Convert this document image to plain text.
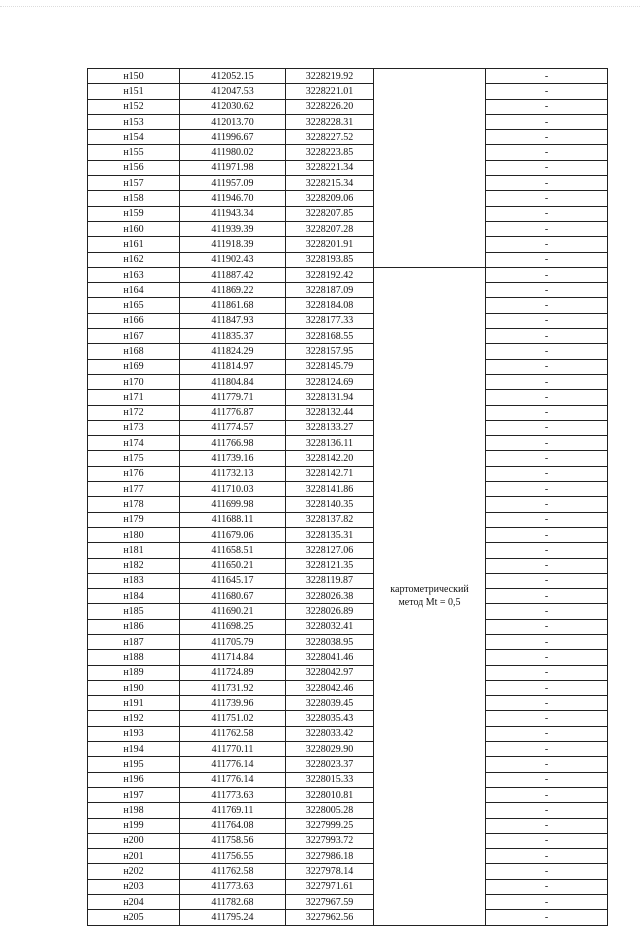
н150	412052.15	3228219.92		-
н151	412047.53	3228221.01		-
н152	412030.62	3228226.20		-
н153	412013.70	3228228.31		-
н154	411996.67	3228227.52		-
н155	411980.02	3228223.85		-
н156	411971.98	3228221.34		-
н157	411957.09	3228215.34		-
н158	411946.70	3228209.06		-
н159	411943.34	3228207.85		-
н160	411939.39	3228207.28		-
н161	411918.39	3228201.91		-
н162	411902.43	3228193.85		-
н163	411887.42	3228192.42	картометрический метод Mt = 0,5	-
н164	411869.22	3228187.09		-
н165	411861.68	3228184.08		-
н166	411847.93	3228177.33		-
н167	411835.37	3228168.55		-
н168	411824.29	3228157.95		-
н169	411814.97	3228145.79		-
н170	411804.84	3228124.69		-
н171	411779.71	3228131.94		-
н172	411776.87	3228132.44		-
н173	411774.57	3228133.27		-
н174	411766.98	3228136.11		-
н175	411739.16	3228142.20		-
н176	411732.13	3228142.71		-
н177	411710.03	3228141.86		-
н178	411699.98	3228140.35		-
н179	411688.11	3228137.82		-
н180	411679.06	3228135.31		-
н181	411658.51	3228127.06		-
н182	411650.21	3228121.35		-
н183	411645.17	3228119.87		-
н184	411680.67	3228026.38		-
н185	411690.21	3228026.89		-
н186	411698.25	3228032.41		-
н187	411705.79	3228038.95		-
н188	411714.84	3228041.46		-
н189	411724.89	3228042.97		-
н190	411731.92	3228042.46		-
н191	411739.96	3228039.45		-
н192	411751.02	3228035.43		-
н193	411762.58	3228033.42		-
н194	411770.11	3228029.90		-
н195	411776.14	3228023.37		-
н196	411776.14	3228015.33		-
н197	411773.63	3228010.81		-
н198	411769.11	3228005.28		-
н199	411764.08	3227999.25		-
н200	411758.56	3227993.72		-
н201	411756.55	3227986.18		-
н202	411762.58	3227978.14		-
н203	411773.63	3227971.61		-
н204	411782.68	3227967.59		-
н205	411795.24	3227962.56		-
